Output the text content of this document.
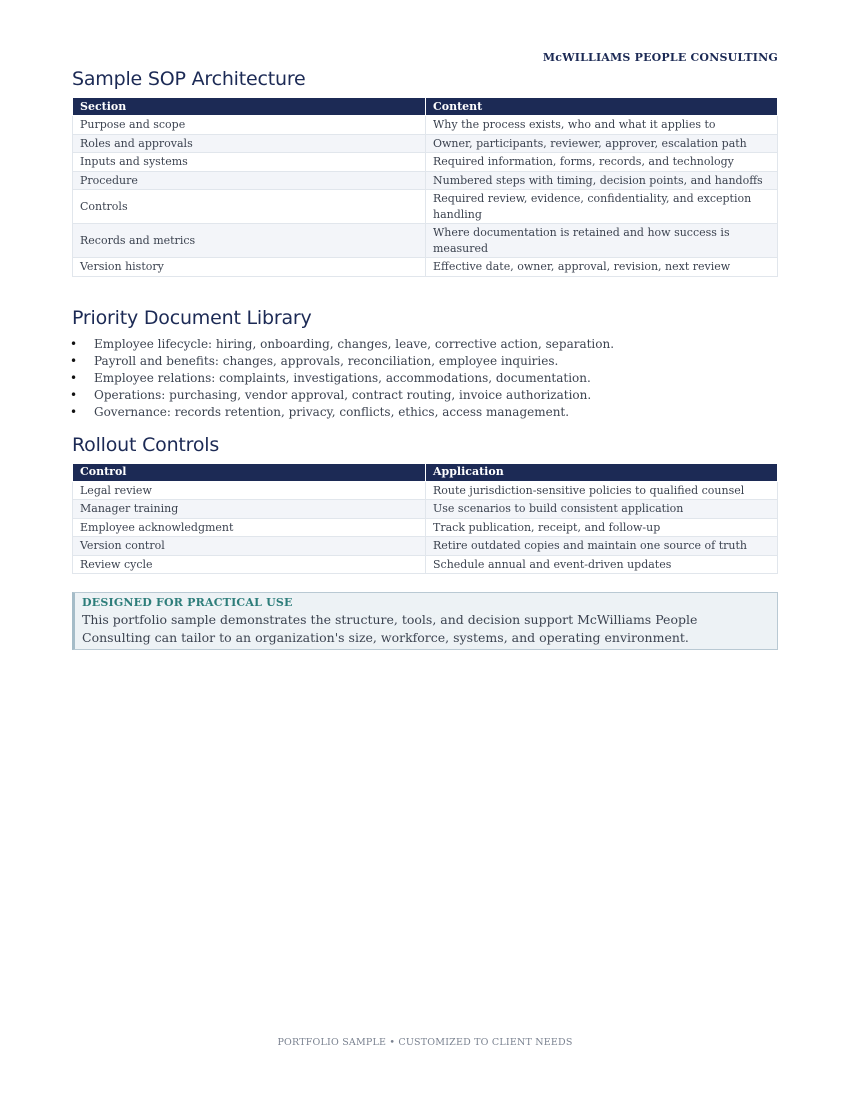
McWILLIAMS PEOPLE CONSULTING
Sample SOP Architecture
Section	Content
Purpose and scope	Why the process exists, who and what it applies to
Roles and approvals	Owner, participants, reviewer, approver, escalation path
Inputs and systems	Required information, forms, records, and technology
Procedure	Numbered steps with timing, decision points, and handoffs
Controls	Required review, evidence, confidentiality, and exception handling
Records and metrics	Where documentation is retained and how success is measured
Version history	Effective date, owner, approval, revision, next review
Priority Document Library
• Employee lifecycle: hiring, onboarding, changes, leave, corrective action, separation.
• Payroll and benefits: changes, approvals, reconciliation, employee inquiries.
• Employee relations: complaints, investigations, accommodations, documentation.
• Operations: purchasing, vendor approval, contract routing, invoice authorization.
• Governance: records retention, privacy, conflicts, ethics, access management.
Rollout Controls
Control	Application
Legal review	Route jurisdiction-sensitive policies to qualified counsel
Manager training	Use scenarios to build consistent application
Employee acknowledgment	Track publication, receipt, and follow-up
Version control	Retire outdated copies and maintain one source of truth
Review cycle	Schedule annual and event-driven updates
DESIGNED FOR PRACTICAL USE
This portfolio sample demonstrates the structure, tools, and decision support McWilliams People Consulting can tailor to an organization's size, workforce, systems, and operating environment.
PORTFOLIO SAMPLE • CUSTOMIZED TO CLIENT NEEDS
